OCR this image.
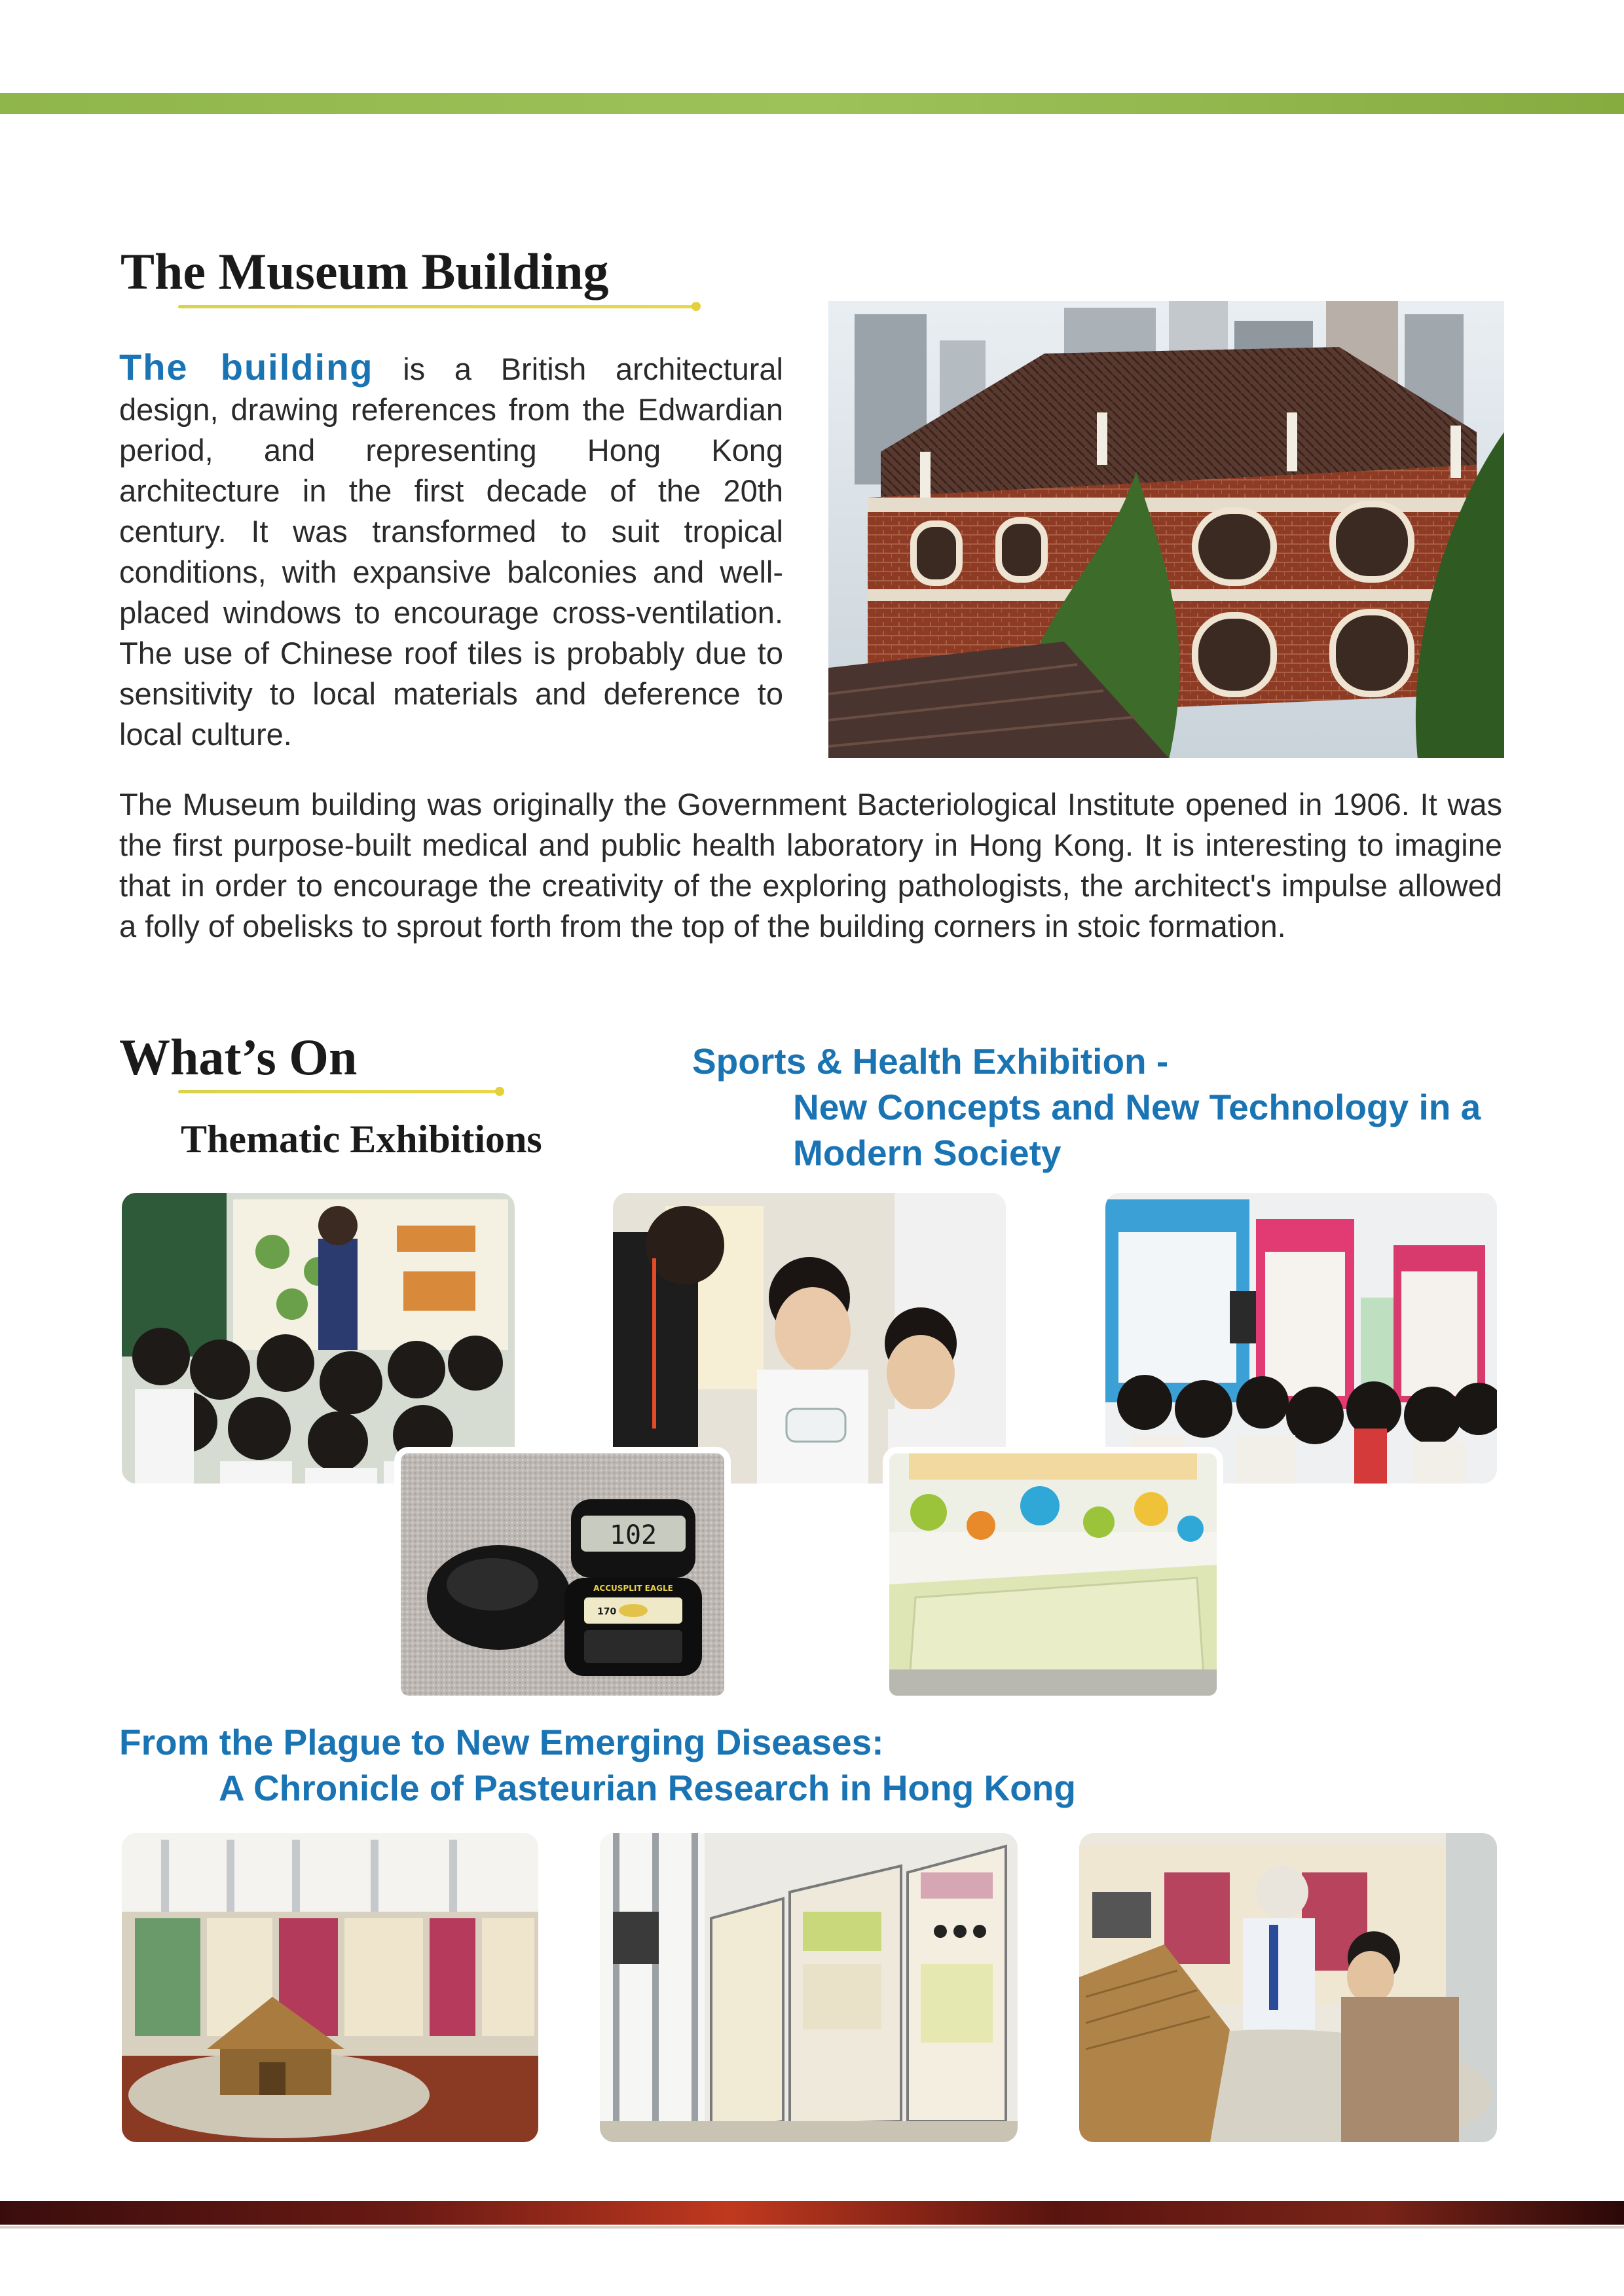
The Museum Building
The building is a British architectural design, drawing references from the Edwardian period, and representing Hong Kong architecture in the first decade of the 20th century. It was transformed to suit tropical conditions, with expansive balconies and well-placed windows to encourage cross-ventilation. The use of Chinese roof tiles is probably due to sensitivity to local materials and deference to local culture.
The Museum building was originally the Government Bacteriological Institute opened in 1906. It was the first purpose-built medical and public health laboratory in Hong Kong. It is interesting to imagine that in order to encourage the creativity of the exploring pathologists, the architect's impulse allowed a folly of obelisks to sprout forth from the top of the building corners in stoic formation.
What’s On
Thematic Exhibitions
Sports & Health Exhibition -
New Concepts and New Technology in a
Modern Society
102
ACCUSPLIT EAGLE
170
From the Plague to New Emerging Diseases:
A Chronicle of Pasteurian Research in Hong Kong
